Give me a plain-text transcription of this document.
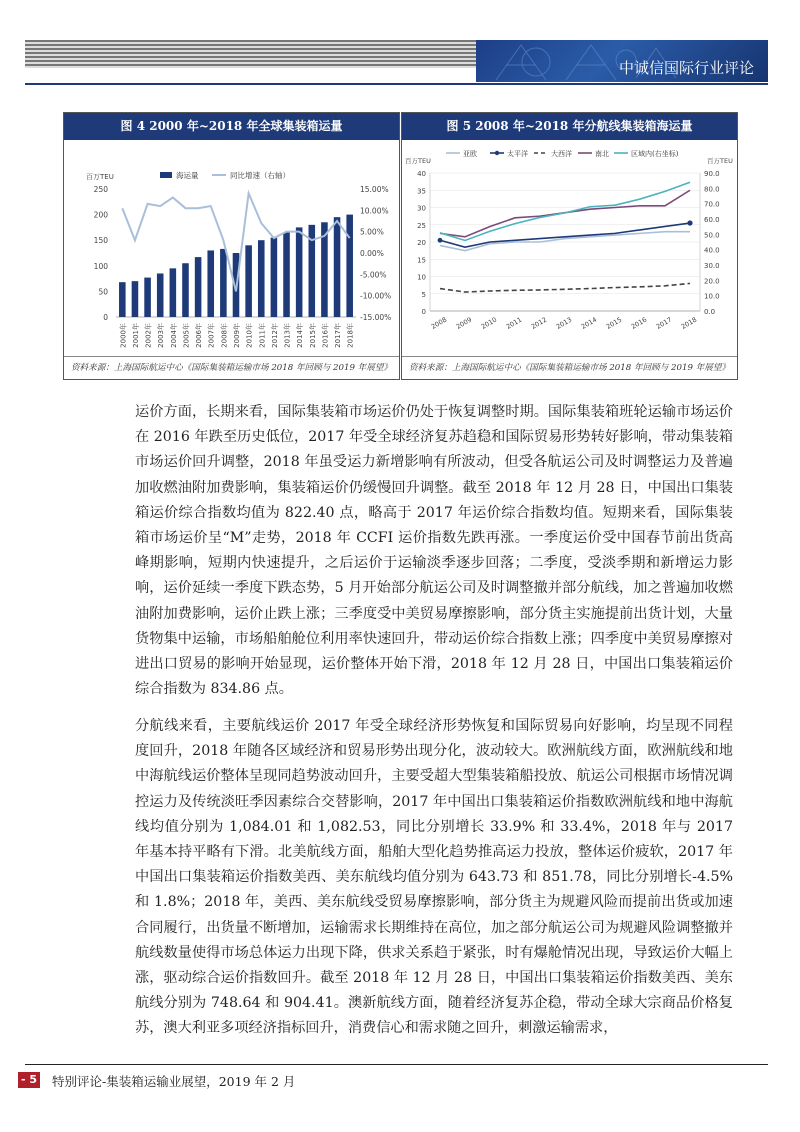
中诚信国际行业评论
图 4 2000 年~2018 年全球集装箱运量
百万TEU	海运量	同比增速（右轴）
250
200
150
100
50
0
15.00%
10.00%
5.00%
0.00%
-5.00%
-10.00%
-15.00%
2000年 2001年 2002年 2003年 2004年 2005年 2006年 2007年 2008年 2009年 2010年 2011年 2012年 2013年 2014年 2015年 2016年 2017年 2018年
资料来源：上海国际航运中心《国际集装箱运输市场 2018 年回顾与 2019 年展望》
图 5 2008 年~2018 年分航线集装箱海运量
百万TEU	百万TEU
亚欧	太平洋	大西洋	南北	区域内(右坐标)
40
35
30
25
20
15
10
5
0
90.0
80.0
70.0
60.0
50.0
40.0
30.0
20.0
10.0
0.0
2008 2009 2010 2011 2012 2013 2014 2015 2016 2017 2018
资料来源：上海国际航运中心《国际集装箱运输市场 2018 年回顾与 2019 年展望》
运价方面，长期来看，国际集装箱市场运价仍处于恢复调整时期。国际集装箱班轮运输市场运价在 2016 年跌至历史低位，2017 年受全球经济复苏趋稳和国际贸易形势转好影响，带动集装箱市场运价回升调整，2018 年虽受运力新增影响有所波动，但受各航运公司及时调整运力及普遍加收燃油附加费影响，集装箱运价仍缓慢回升调整。截至 2018 年 12 月 28 日，中国出口集装箱运价综合指数均值为 822.40 点，略高于 2017 年运价综合指数均值。短期来看，国际集装箱市场运价呈“M”走势，2018 年 CCFI 运价指数先跌再涨。一季度运价受中国春节前出货高峰期影响，短期内快速提升，之后运价于运输淡季逐步回落；二季度，受淡季期和新增运力影响，运价延续一季度下跌态势，5 月开始部分航运公司及时调整撤并部分航线，加之普遍加收燃油附加费影响，运价止跌上涨；三季度受中美贸易摩擦影响，部分货主实施提前出货计划，大量货物集中运输，市场船舶舱位利用率快速回升，带动运价综合指数上涨；四季度中美贸易摩擦对进出口贸易的影响开始显现，运价整体开始下滑，2018 年 12 月 28 日，中国出口集装箱运价综合指数为 834.86 点。
分航线来看，主要航线运价 2017 年受全球经济形势恢复和国际贸易向好影响，均呈现不同程度回升，2018 年随各区域经济和贸易形势出现分化，波动较大。欧洲航线方面，欧洲航线和地中海航线运价整体呈现同趋势波动回升，主要受超大型集装箱船投放、航运公司根据市场情况调控运力及传统淡旺季因素综合交替影响，2017 年中国出口集装箱运价指数欧洲航线和地中海航线均值分别为 1,084.01 和 1,082.53，同比分别增长 33.9% 和 33.4%，2018 年与 2017 年基本持平略有下滑。北美航线方面，船舶大型化趋势推高运力投放，整体运价疲软，2017 年中国出口集装箱运价指数美西、美东航线均值分别为 643.73 和 851.78，同比分别增长-4.5% 和 1.8%；2018 年，美西、美东航线受贸易摩擦影响，部分货主为规避风险而提前出货或加速合同履行，出货量不断增加，运输需求长期维持在高位，加之部分航运公司为规避风险调整撤并航线数量使得市场总体运力出现下降，供求关系趋于紧张，时有爆舱情况出现，导致运价大幅上涨，驱动综合运价指数回升。截至 2018 年 12 月 28 日，中国出口集装箱运价指数美西、美东航线分别为 748.64 和 904.41。澳新航线方面，随着经济复苏企稳，带动全球大宗商品价格复苏，澳大利亚多项经济指标回升，消费信心和需求随之回升，刺激运输需求，
- 5 -
特别评论-集装箱运输业展望，2019 年 2 月
